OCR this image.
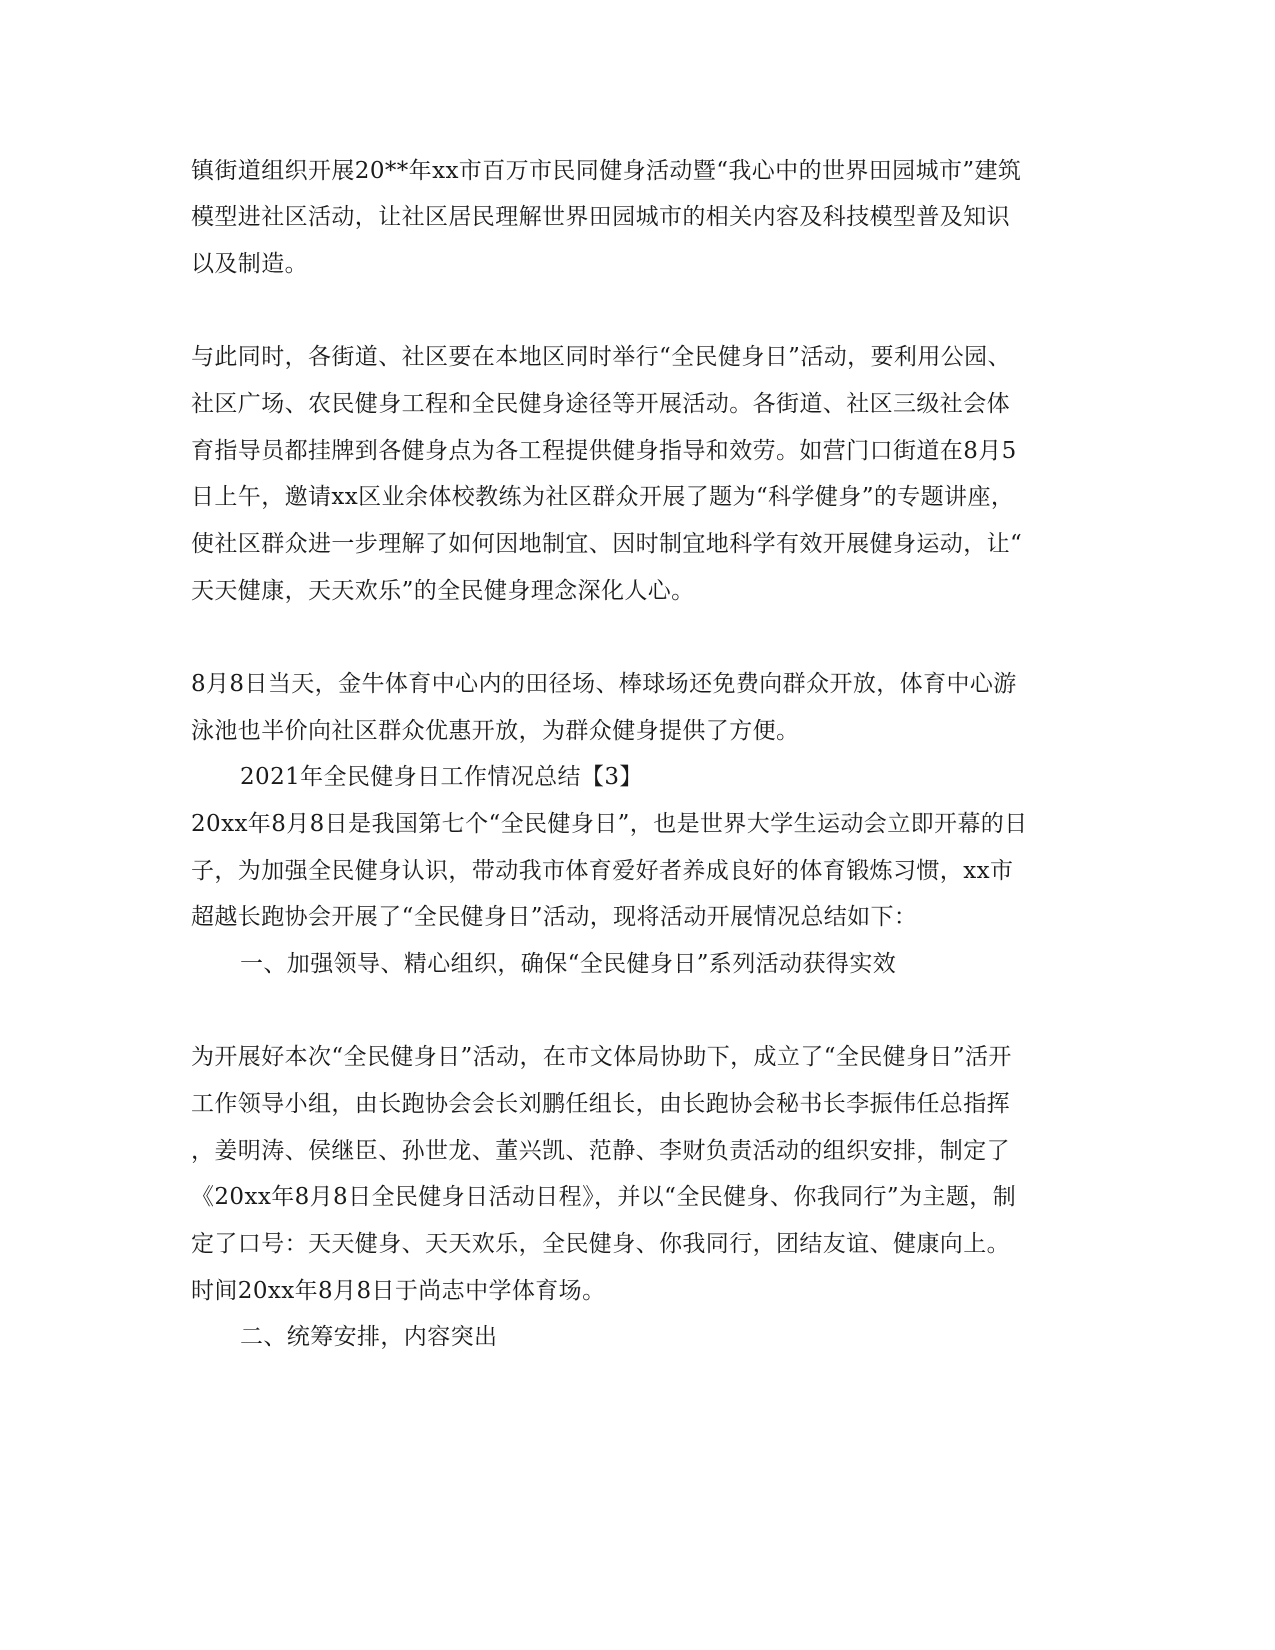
镇街道组织开展20**年xx市百万市民同健身活动暨“我心中的世界田园城市”建筑
模型进社区活动，让社区居民理解世界田园城市的相关内容及科技模型普及知识
以及制造。
与此同时，各街道、社区要在本地区同时举行“全民健身日”活动，要利用公园、
社区广场、农民健身工程和全民健身途径等开展活动。各街道、社区三级社会体
育指导员都挂牌到各健身点为各工程提供健身指导和效劳。如营门口街道在8月5
日上午，邀请xx区业余体校教练为社区群众开展了题为“科学健身”的专题讲座，
使社区群众进一步理解了如何因地制宜、因时制宜地科学有效开展健身运动，让“
天天健康，天天欢乐”的全民健身理念深化人心。
8月8日当天，金牛体育中心内的田径场、棒球场还免费向群众开放，体育中心游
泳池也半价向社区群众优惠开放，为群众健身提供了方便。
2021年全民健身日工作情况总结【3】
20xx年8月8日是我国第七个“全民健身日”，也是世界大学生运动会立即开幕的日
子，为加强全民健身认识，带动我市体育爱好者养成良好的体育锻炼习惯，xx市
超越长跑协会开展了“全民健身日”活动，现将活动开展情况总结如下：
一、加强领导、精心组织，确保“全民健身日”系列活动获得实效
为开展好本次“全民健身日”活动，在市文体局协助下，成立了“全民健身日”活开
工作领导小组，由长跑协会会长刘鹏任组长，由长跑协会秘书长李振伟任总指挥
，姜明涛、侯继臣、孙世龙、董兴凯、范静、李财负责活动的组织安排，制定了
《20xx年8月8日全民健身日活动日程》，并以“全民健身、你我同行”为主题，制
定了口号：天天健身、天天欢乐，全民健身、你我同行，团结友谊、健康向上。
时间20xx年8月8日于尚志中学体育场。
二、统筹安排，内容突出
